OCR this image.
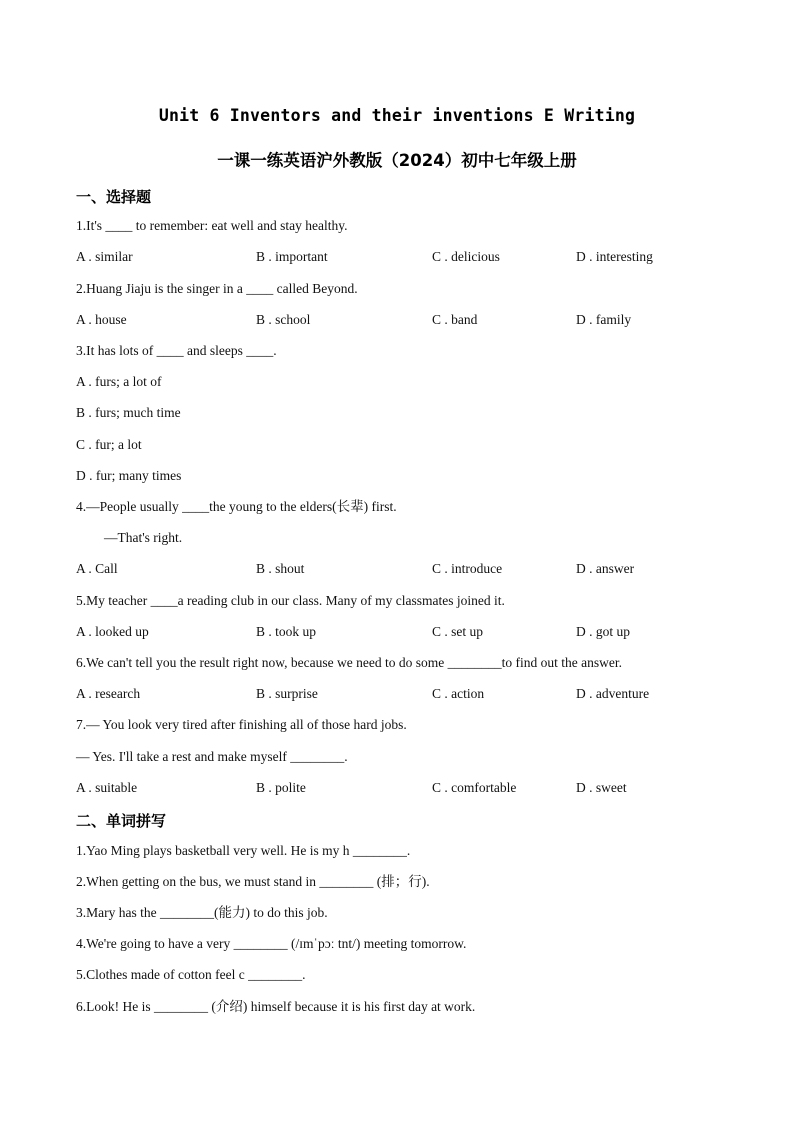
Unit 6 Inventors and their inventions E Writing
一课一练英语沪外教版（2024）初中七年级上册
一、选择题
1.It's ____ to remember: eat well and stay healthy.
A . similar	B . important	C . delicious	D . interesting
2.Huang Jiaju is the singer in a ____ called Beyond.
A . house	B . school	C . band	D . family
3.It has lots of ____ and sleeps ____.
A . furs; a lot of
B . furs; much time
C . fur; a lot
D . fur; many times
4.—People usually ____the young to the elders(长辈) first.
—That's right.
A . Call	B . shout	C . introduce	D . answer
5.My teacher ____a reading club in our class. Many of my classmates joined it.
A . looked up	B . took up	C . set up	D . got up
6.We can't tell you the result right now, because we need to do some ________to find out the answer.
A . research	B . surprise	C . action	D . adventure
7.— You look very tired after finishing all of those hard jobs.
— Yes. I'll take a rest and make myself ________.
A . suitable	B . polite	C . comfortable	D . sweet
二、单词拼写
1.Yao Ming plays basketball very well. He is my h ________.
2.When getting on the bus, we must stand in ________ (排；行).
3.Mary has the ________(能力) to do this job.
4.We're going to have a very ________ (/ɪmˈpɔː tnt/) meeting tomorrow.
5.Clothes made of cotton feel c ________.
6.Look! He is ________ (介绍) himself because it is his first day at work.
